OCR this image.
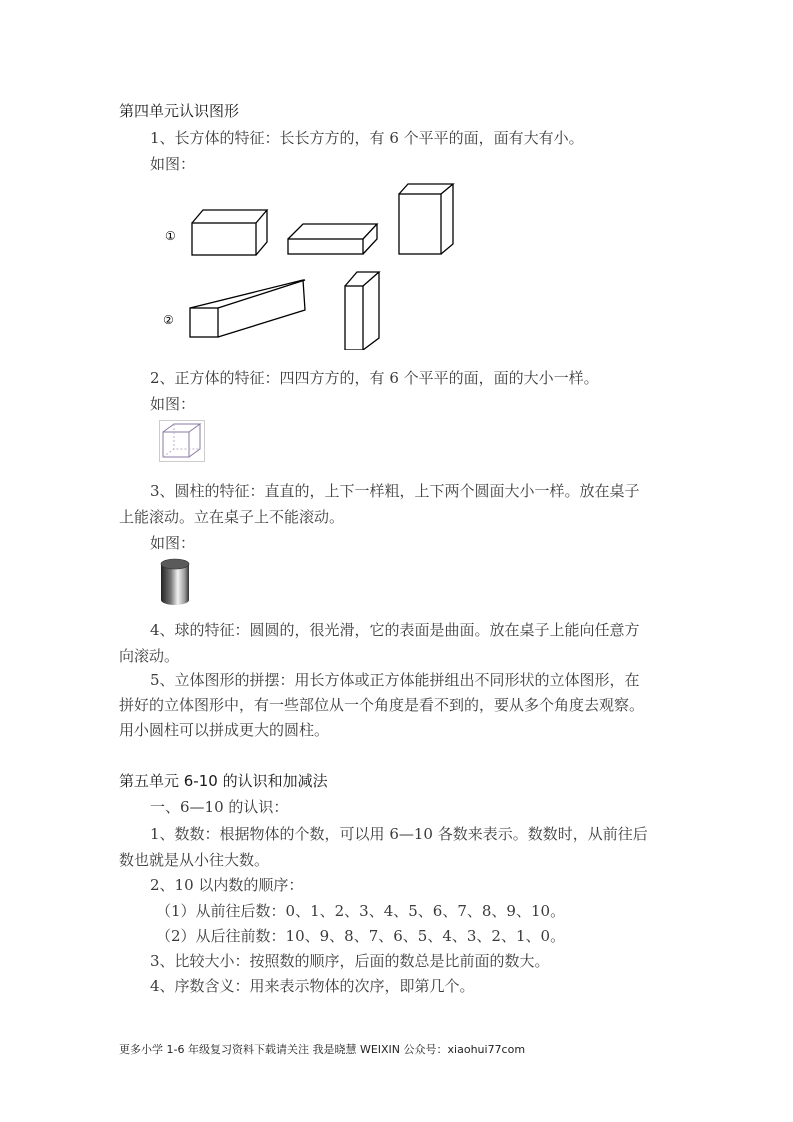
第四单元认识图形
1、长方体的特征：长长方方的，有 6 个平平的面，面有大有小。
如图：
①
②
2、正方体的特征：四四方方的，有 6 个平平的面，面的大小一样。
如图：
3、圆柱的特征：直直的，上下一样粗，上下两个圆面大小一样。放在桌子
上能滚动。立在桌子上不能滚动。
如图：
4、球的特征：圆圆的，很光滑，它的表面是曲面。放在桌子上能向任意方
向滚动。
5、立体图形的拼摆：用长方体或正方体能拼组出不同形状的立体图形，在
拼好的立体图形中，有一些部位从一个角度是看不到的，要从多个角度去观察。
用小圆柱可以拼成更大的圆柱。
第五单元 6-10 的认识和加减法
一、6—10 的认识：
1、数数：根据物体的个数，可以用 6—10 各数来表示。数数时，从前往后
数也就是从小往大数。
2、10 以内数的顺序：
（1）从前往后数：0、1、2、3、4、5、6、7、8、9、10。
（2）从后往前数：10、9、8、7、6、5、4、3、2、1、0。
3、比较大小：按照数的顺序，后面的数总是比前面的数大。
4、序数含义：用来表示物体的次序，即第几个。
更多小学 1-6 年级复习资料下载请关注 我是晓慧 WEIXIN 公众号：xiaohui77com
